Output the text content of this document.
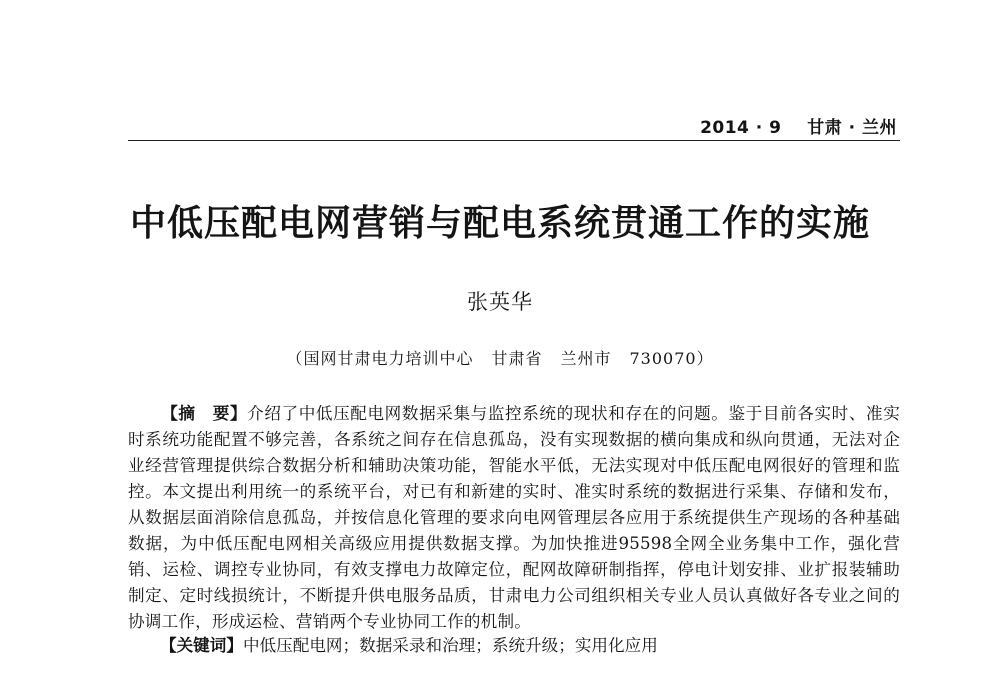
2014 · 9 甘肃 · 兰州
中低压配电网营销与配电系统贯通工作的实施
张英华
（国网甘肃电力培训中心 甘肃省 兰州市 730070）

【摘　要】介绍了中低压配电网数据采集与监控系统的现状和存在的问题。鉴于目前各实时、准实时系统功能配置不够完善，各系统之间存在信息孤岛，没有实现数据的横向集成和纵向贯通，无法对企业经营管理提供综合数据分析和辅助决策功能，智能水平低，无法实现对中低压配电网很好的管理和监控。本文提出利用统一的系统平台，对已有和新建的实时、准实时系统的数据进行采集、存储和发布，从数据层面消除信息孤岛，并按信息化管理的要求向电网管理层各应用于系统提供生产现场的各种基础数据，为中低压配电网相关高级应用提供数据支撑。为加快推进95598全网全业务集中工作，强化营销、运检、调控专业协同，有效支撑电力故障定位，配网故障研制指挥，停电计划安排、业扩报装辅助制定、定时线损统计，不断提升供电服务品质，甘肃电力公司组织相关专业人员认真做好各专业之间的协调工作，形成运检、营销两个专业协同工作的机制。

【关键词】中低压配电网；数据采录和治理；系统升级；实用化应用
